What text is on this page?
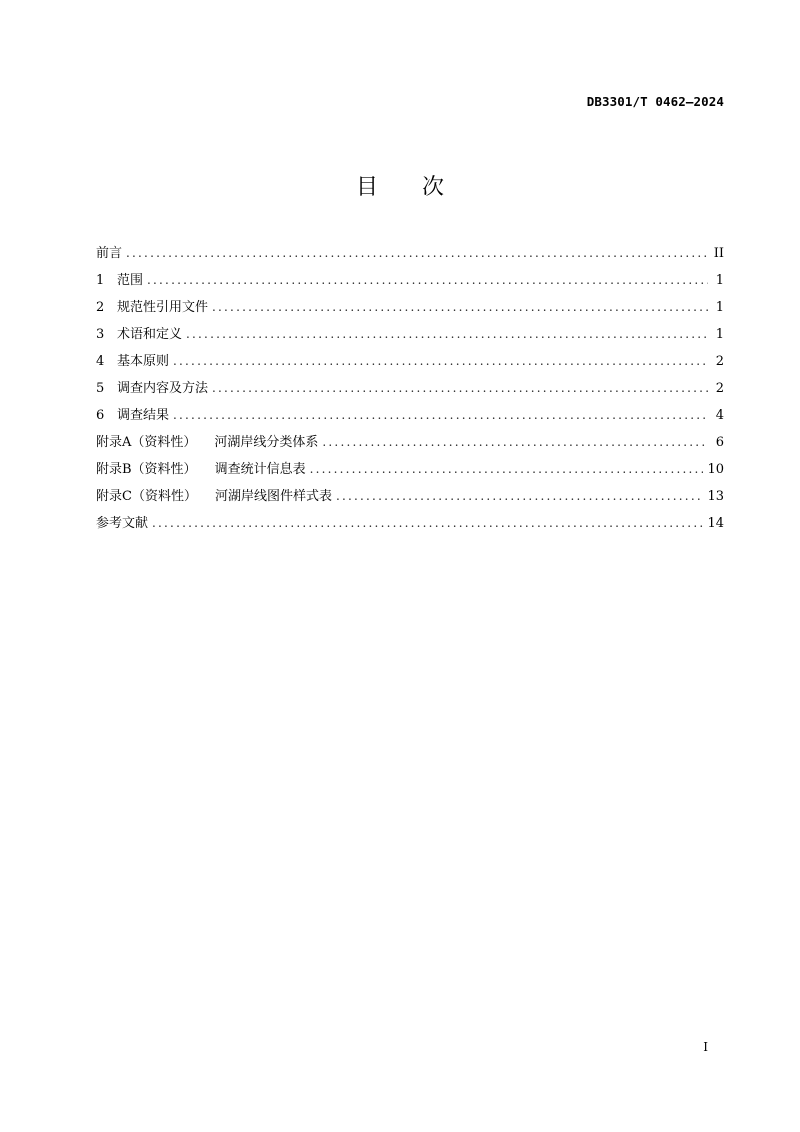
DB3301/T 0462—2024
目 次
前言 .....	II
1 范围 .....	1
2 规范性引用文件 .....	1
3 术语和定义 .....	1
4 基本原则 .....	2
5 调查内容及方法 .....	2
6 调查结果 .....	4
附录A（资料性） 河湖岸线分类体系 .....	6
附录B（资料性） 调查统计信息表 .....	10
附录C（资料性） 河湖岸线图件样式表 .....	13
参考文献 .....	14
I
